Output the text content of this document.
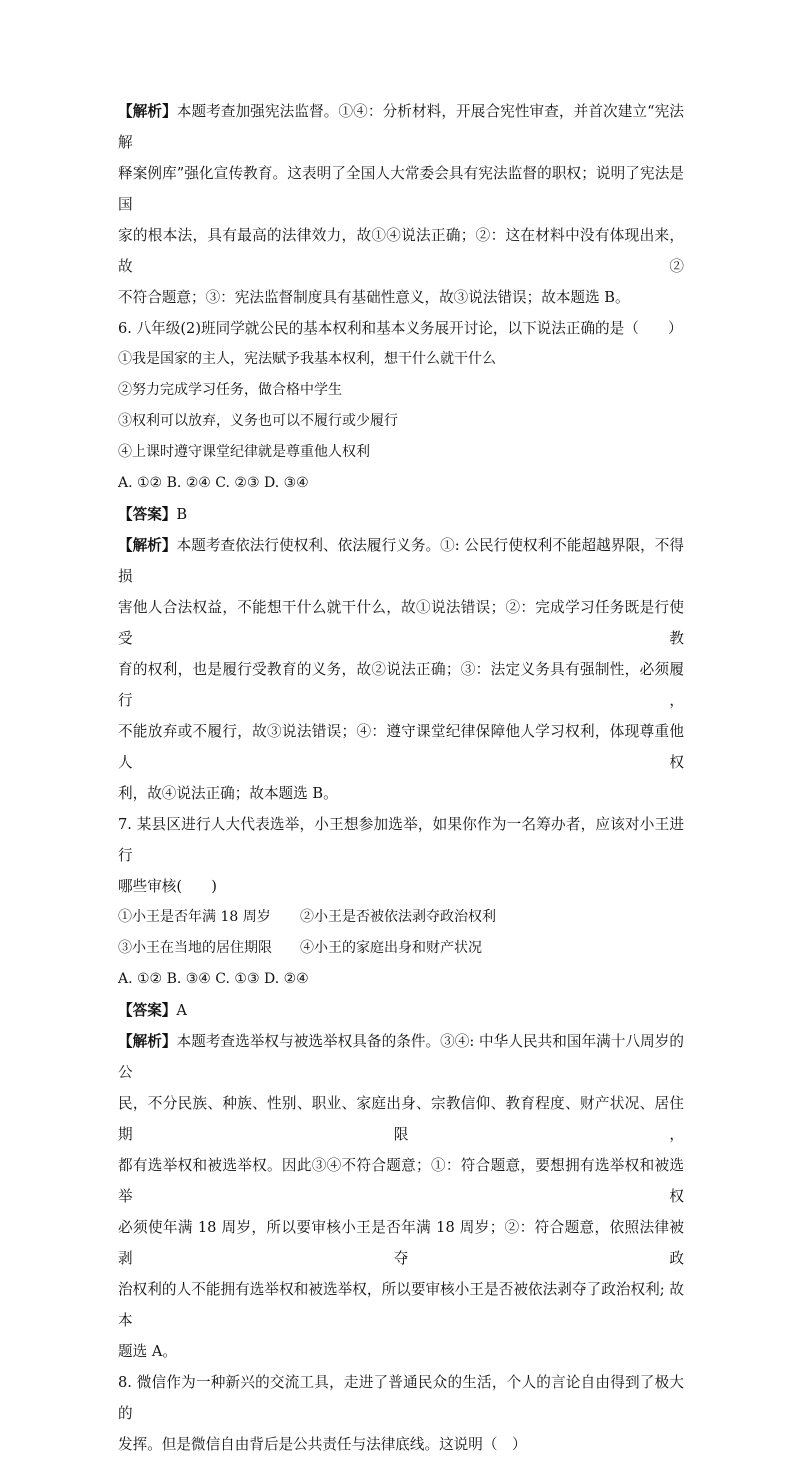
【解析】本题考查加强宪法监督。①④：分析材料，开展合宪性审查，并首次建立“宪法解

释案例库”强化宣传教育。这表明了全国人大常委会具有宪法监督的职权；说明了宪法是国

家的根本法，具有最高的法律效力，故①④说法正确；②：这在材料中没有体现出来，故②

不符合题意；③：宪法监督制度具有基础性意义，故③说法错误；故本题选 B。

6. 八年级(2)班同学就公民的基本权利和基本义务展开讨论，以下说法正确的是（　　）

①我是国家的主人，宪法赋予我基本权利，想干什么就干什么

②努力完成学习任务，做合格中学生

③权利可以放弃，义务也可以不履行或少履行

④上课时遵守课堂纪律就是尊重他人权利

A. ①② B. ②④ C. ②③ D. ③④

【答案】B

【解析】本题考查依法行使权利、依法履行义务。①: 公民行使权利不能超越界限，不得损

害他人合法权益，不能想干什么就干什么，故①说法错误；②：完成学习任务既是行使受教

育的权利，也是履行受教育的义务，故②说法正确；③：法定义务具有强制性，必须履行，

不能放弃或不履行，故③说法错误；④：遵守课堂纪律保障他人学习权利，体现尊重他人权

利，故④说法正确；故本题选 B。

7. 某县区进行人大代表选举，小王想参加选举，如果你作为一名筹办者，应该对小王进行

哪些审核(　　)

①小王是否年满 18 周岁	②小王是否被依法剥夺政治权利
③小王在当地的居住期限	④小王的家庭出身和财产状况

A. ①② B. ③④ C. ①③ D. ②④

【答案】A

【解析】本题考查选举权与被选举权具备的条件。③④: 中华人民共和国年满十八周岁的公

民，不分民族、种族、性别、职业、家庭出身、宗教信仰、教育程度、财产状况、居住期限，

都有选举权和被选举权。因此③④不符合题意；①：符合题意，要想拥有选举权和被选举权

必须使年满 18 周岁，所以要审核小王是否年满 18 周岁；②：符合题意，依照法律被剥夺政

治权利的人不能拥有选举权和被选举权，所以要审核小王是否被依法剥夺了政治权利; 故本

题选 A。

8. 微信作为一种新兴的交流工具，走进了普通民众的生活，个人的言论自由得到了极大的

发挥。但是微信自由背后是公共责任与法律底线。这说明（　）
